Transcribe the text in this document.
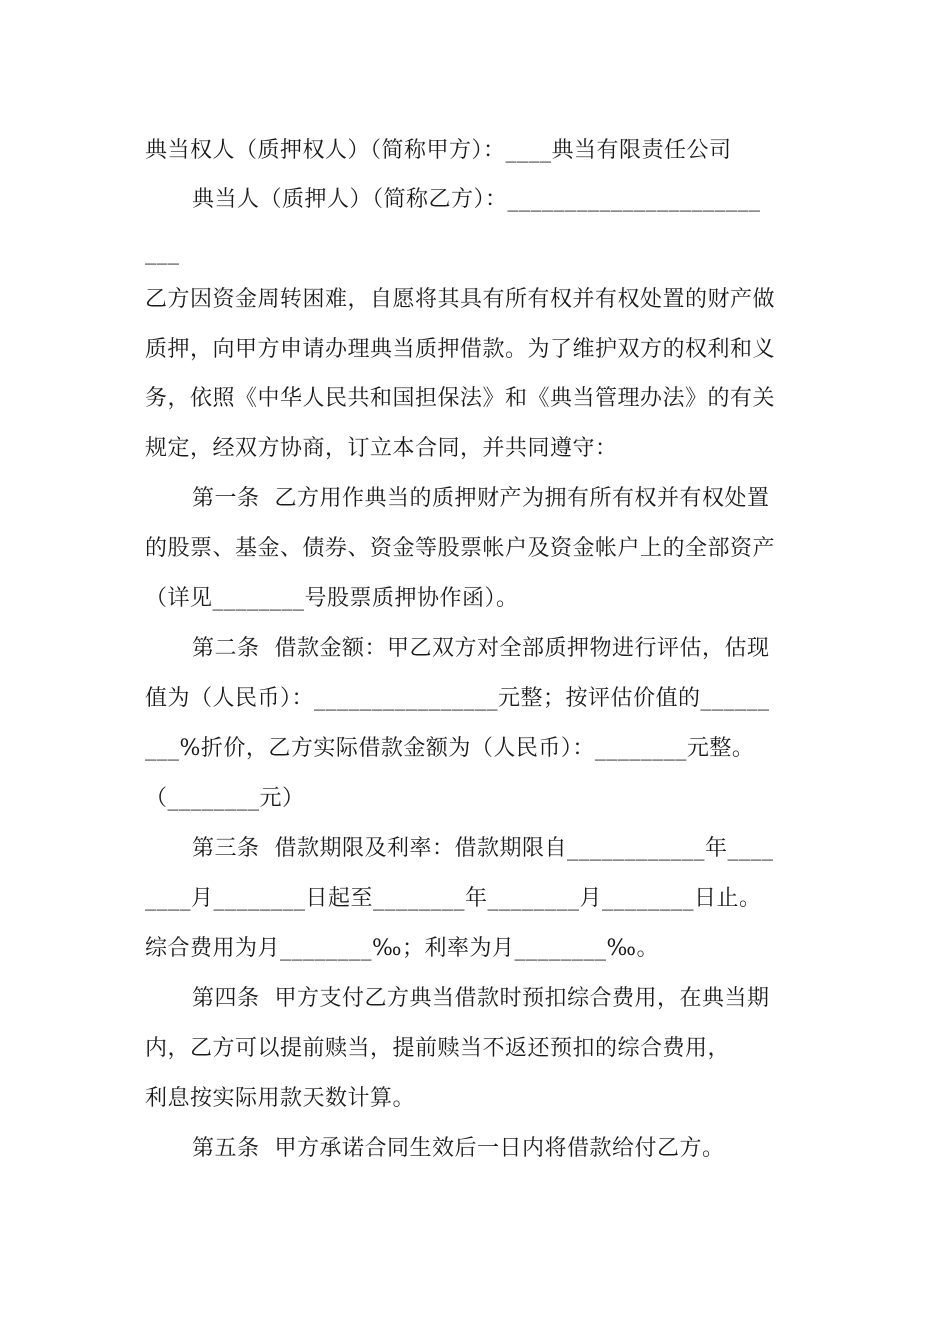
典当权人（质押权人）（简称甲方）：____典当有限责任公司
典当人（质押人）（简称乙方）：______________________
___
乙方因资金周转困难，自愿将其具有所有权并有权处置的财产做
质押，向甲方申请办理典当质押借款。为了维护双方的权利和义
务，依照《中华人民共和国担保法》和《典当管理办法》的有关
规定，经双方协商，订立本合同，并共同遵守：
第一条  乙方用作典当的质押财产为拥有所有权并有权处置
的股票、基金、债券、资金等股票帐户及资金帐户上的全部资产
（详见________号股票质押协作函）。
第二条  借款金额：甲乙双方对全部质押物进行评估，估现
值为（人民币）：________________元整；按评估价值的______
___%折价，乙方实际借款金额为（人民币）：________元整。
（________元）
第三条  借款期限及利率：借款期限自____________年____
____月________日起至________年________月________日止。
综合费用为月________‰；利率为月________‰。
第四条  甲方支付乙方典当借款时预扣综合费用，在典当期
内，乙方可以提前赎当，提前赎当不返还预扣的综合费用，
利息按实际用款天数计算。
第五条  甲方承诺合同生效后一日内将借款给付乙方。
